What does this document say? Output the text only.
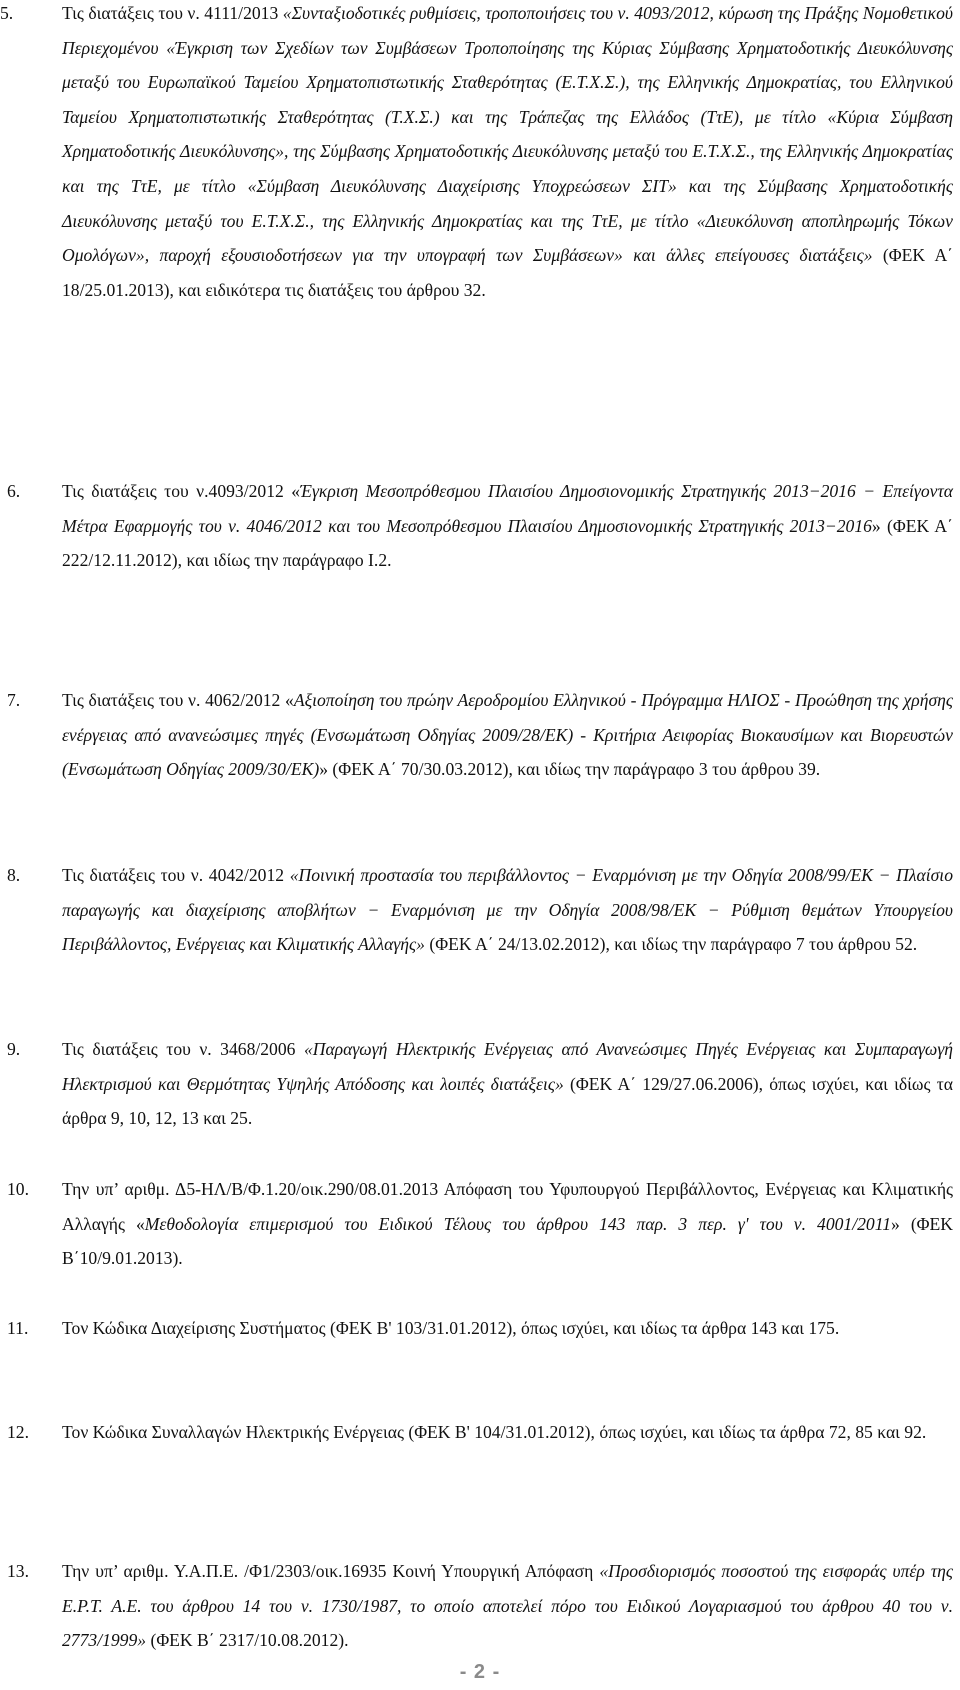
5.	Τις διατάξεις του ν. 4111/2013 «Συνταξιοδοτικές ρυθμίσεις, τροποποιήσεις του ν. 4093/2012, κύρωση της Πράξης Νομοθετικού Περιεχομένου «Έγκριση των Σχεδίων των Συμβάσεων Τροποποίησης της Κύριας Σύμβασης Χρηματοδοτικής Διευκόλυνσης μεταξύ του Ευρωπαϊκού Ταμείου Χρηματοπιστωτικής Σταθερότητας (Ε.Τ.Χ.Σ.), της Ελληνικής Δημοκρατίας, του Ελληνικού Ταμείου Χρηματοπιστωτικής Σταθερότητας (Τ.Χ.Σ.) και της Τράπεζας της Ελλάδος (ΤτΕ), με τίτλο «Κύρια Σύμβαση Χρηματοδοτικής Διευκόλυνσης», της Σύμβασης Χρηματοδοτικής Διευκόλυνσης μεταξύ του Ε.Τ.Χ.Σ., της Ελληνικής Δημοκρατίας και της ΤτΕ, με τίτλο «Σύμβαση Διευκόλυνσης Διαχείρισης Υποχρεώσεων ΣΙΤ» και της Σύμβασης Χρηματοδοτικής Διευκόλυνσης μεταξύ του Ε.Τ.Χ.Σ., της Ελληνικής Δημοκρατίας και της ΤτΕ, με τίτλο «Διευκόλυνση αποπληρωμής Τόκων Ομολόγων», παροχή εξουσιοδοτήσεων για την υπογραφή των Συμβάσεων» και άλλες επείγουσες διατάξεις» (ΦΕΚ Α΄ 18/25.01.2013), και ειδικότερα τις διατάξεις του άρθρου 32.
6. Τις διατάξεις του ν.4093/2012 «Έγκριση Μεσοπρόθεσμου Πλαισίου Δημοσιονομικής Στρατηγικής 2013−2016 − Επείγοντα Μέτρα Εφαρμογής του ν. 4046/2012 και του Μεσοπρόθεσμου Πλαισίου Δημοσιονομικής Στρατηγικής 2013−2016» (ΦΕΚ Α΄ 222/12.11.2012), και ιδίως την παράγραφο Ι.2.
7. Τις διατάξεις του ν. 4062/2012 «Αξιοποίηση του πρώην Αεροδρομίου Ελληνικού - Πρόγραμμα ΗΛΙΟΣ - Προώθηση της χρήσης ενέργειας από ανανεώσιμες πηγές (Ενσωμάτωση Οδηγίας 2009/28/ΕΚ) - Κριτήρια Αειφορίας Βιοκαυσίμων και Βιορευστών (Ενσωμάτωση Οδηγίας 2009/30/ΕΚ)» (ΦΕΚ Α΄ 70/30.03.2012), και ιδίως την παράγραφο 3 του άρθρου 39.
8. Τις διατάξεις του ν. 4042/2012 «Ποινική προστασία του περιβάλλοντος − Εναρμόνιση με την Οδηγία 2008/99/ΕΚ − Πλαίσιο παραγωγής και διαχείρισης αποβλήτων − Εναρμόνιση με την Οδηγία 2008/98/ΕΚ − Ρύθμιση θεμάτων Υπουργείου Περιβάλλοντος, Ενέργειας και Κλιματικής Αλλαγής» (ΦΕΚ Α΄ 24/13.02.2012), και ιδίως την παράγραφο 7 του άρθρου 52.
9. Τις διατάξεις του ν. 3468/2006 «Παραγωγή Ηλεκτρικής Ενέργειας από Ανανεώσιμες Πηγές Ενέργειας και Συμπαραγωγή Ηλεκτρισμού και Θερμότητας Υψηλής Απόδοσης και λοιπές διατάξεις» (ΦΕΚ Α΄ 129/27.06.2006), όπως ισχύει, και ιδίως τα άρθρα 9, 10, 12, 13 και 25.
10. Την υπ’ αριθμ. Δ5-ΗΛ/Β/Φ.1.20/οικ.290/08.01.2013 Απόφαση του Υφυπουργού Περιβάλλοντος, Ενέργειας και Κλιματικής Αλλαγής «Μεθοδολογία επιμερισμού του Ειδικού Τέλους του άρθρου 143 παρ. 3 περ. γ' του ν. 4001/2011» (ΦΕΚ Β΄10/9.01.2013).
11. Τον Κώδικα Διαχείρισης Συστήματος (ΦΕΚ Β' 103/31.01.2012), όπως ισχύει, και ιδίως τα άρθρα 143 και 175.
12. Τον Κώδικα Συναλλαγών Ηλεκτρικής Ενέργειας (ΦΕΚ Β' 104/31.01.2012), όπως ισχύει, και ιδίως τα άρθρα 72, 85 και 92.
13. Την υπ’ αριθμ. Υ.Α.Π.Ε. /Φ1/2303/οικ.16935 Κοινή Υπουργική Απόφαση «Προσδιορισμός ποσοστού της εισφοράς υπέρ της Ε.Ρ.Τ. Α.Ε. του άρθρου 14 του ν. 1730/1987, το οποίο αποτελεί πόρο του Ειδικού Λογαριασμού του άρθρου 40 του ν. 2773/1999» (ΦΕΚ Β΄ 2317/10.08.2012).
- 2 -
